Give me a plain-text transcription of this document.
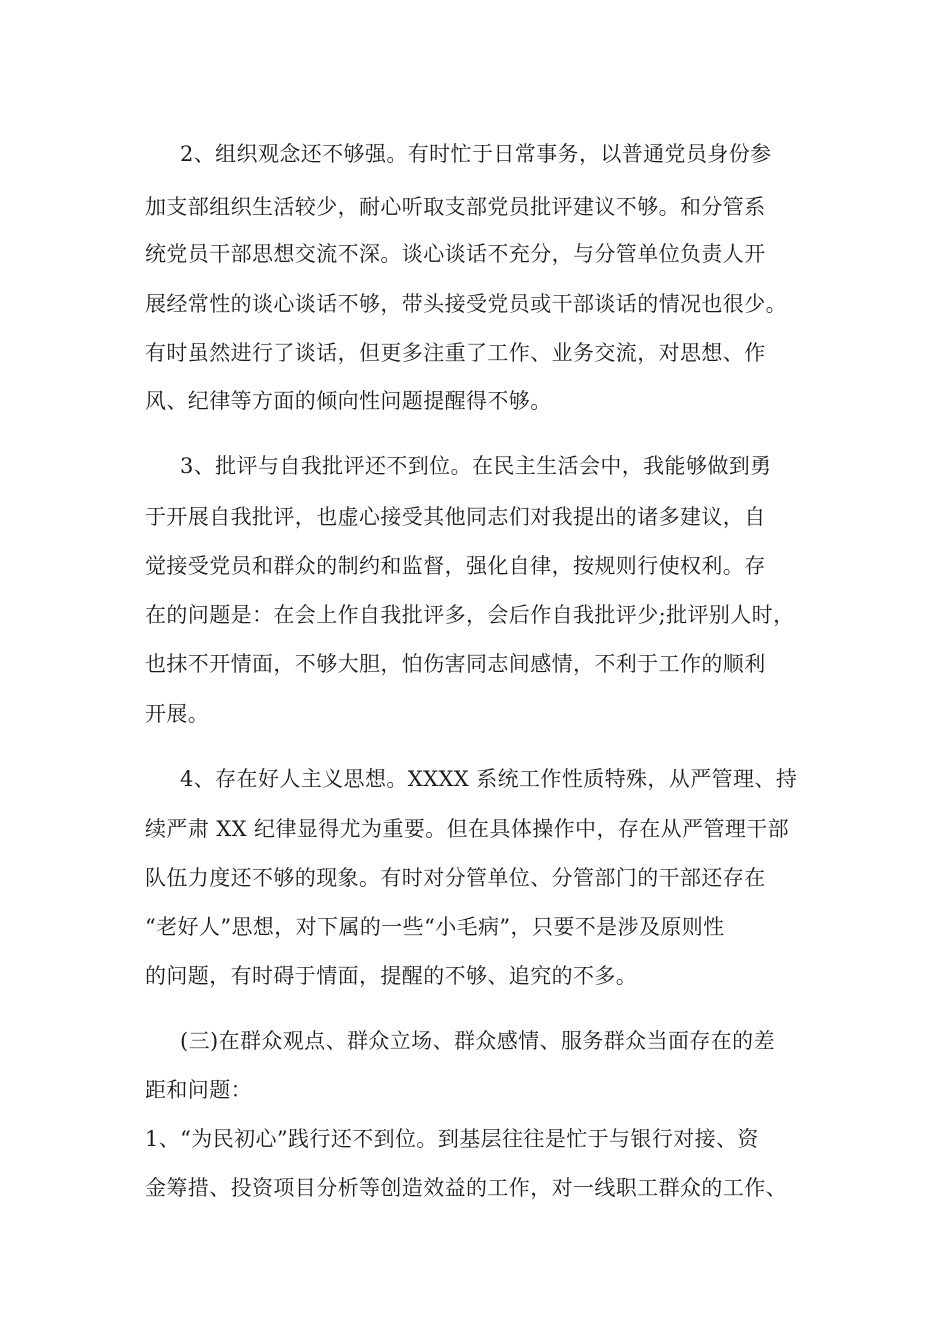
2、组织观念还不够强。有时忙于日常事务，以普通党员身份参
加支部组织生活较少，耐心听取支部党员批评建议不够。和分管系
统党员干部思想交流不深。谈心谈话不充分，与分管单位负责人开
展经常性的谈心谈话不够，带头接受党员或干部谈话的情况也很少。
有时虽然进行了谈话，但更多注重了工作、业务交流，对思想、作
风、纪律等方面的倾向性问题提醒得不够。
3、批评与自我批评还不到位。在民主生活会中，我能够做到勇
于开展自我批评，也虚心接受其他同志们对我提出的诸多建议，自
觉接受党员和群众的制约和监督，强化自律，按规则行使权利。存
在的问题是：在会上作自我批评多，会后作自我批评少;批评别人时，
也抹不开情面，不够大胆，怕伤害同志间感情，不利于工作的顺利
开展。
4、存在好人主义思想。XXXX 系统工作性质特殊，从严管理、持
续严肃 XX 纪律显得尤为重要。但在具体操作中，存在从严管理干部
队伍力度还不够的现象。有时对分管单位、分管部门的干部还存在
“老好人”思想，对下属的一些“小毛病”，只要不是涉及原则性
的问题，有时碍于情面，提醒的不够、追究的不多。
(三)在群众观点、群众立场、群众感情、服务群众当面存在的差
距和问题：
1、“为民初心”践行还不到位。到基层往往是忙于与银行对接、资
金筹措、投资项目分析等创造效益的工作，对一线职工群众的工作、
